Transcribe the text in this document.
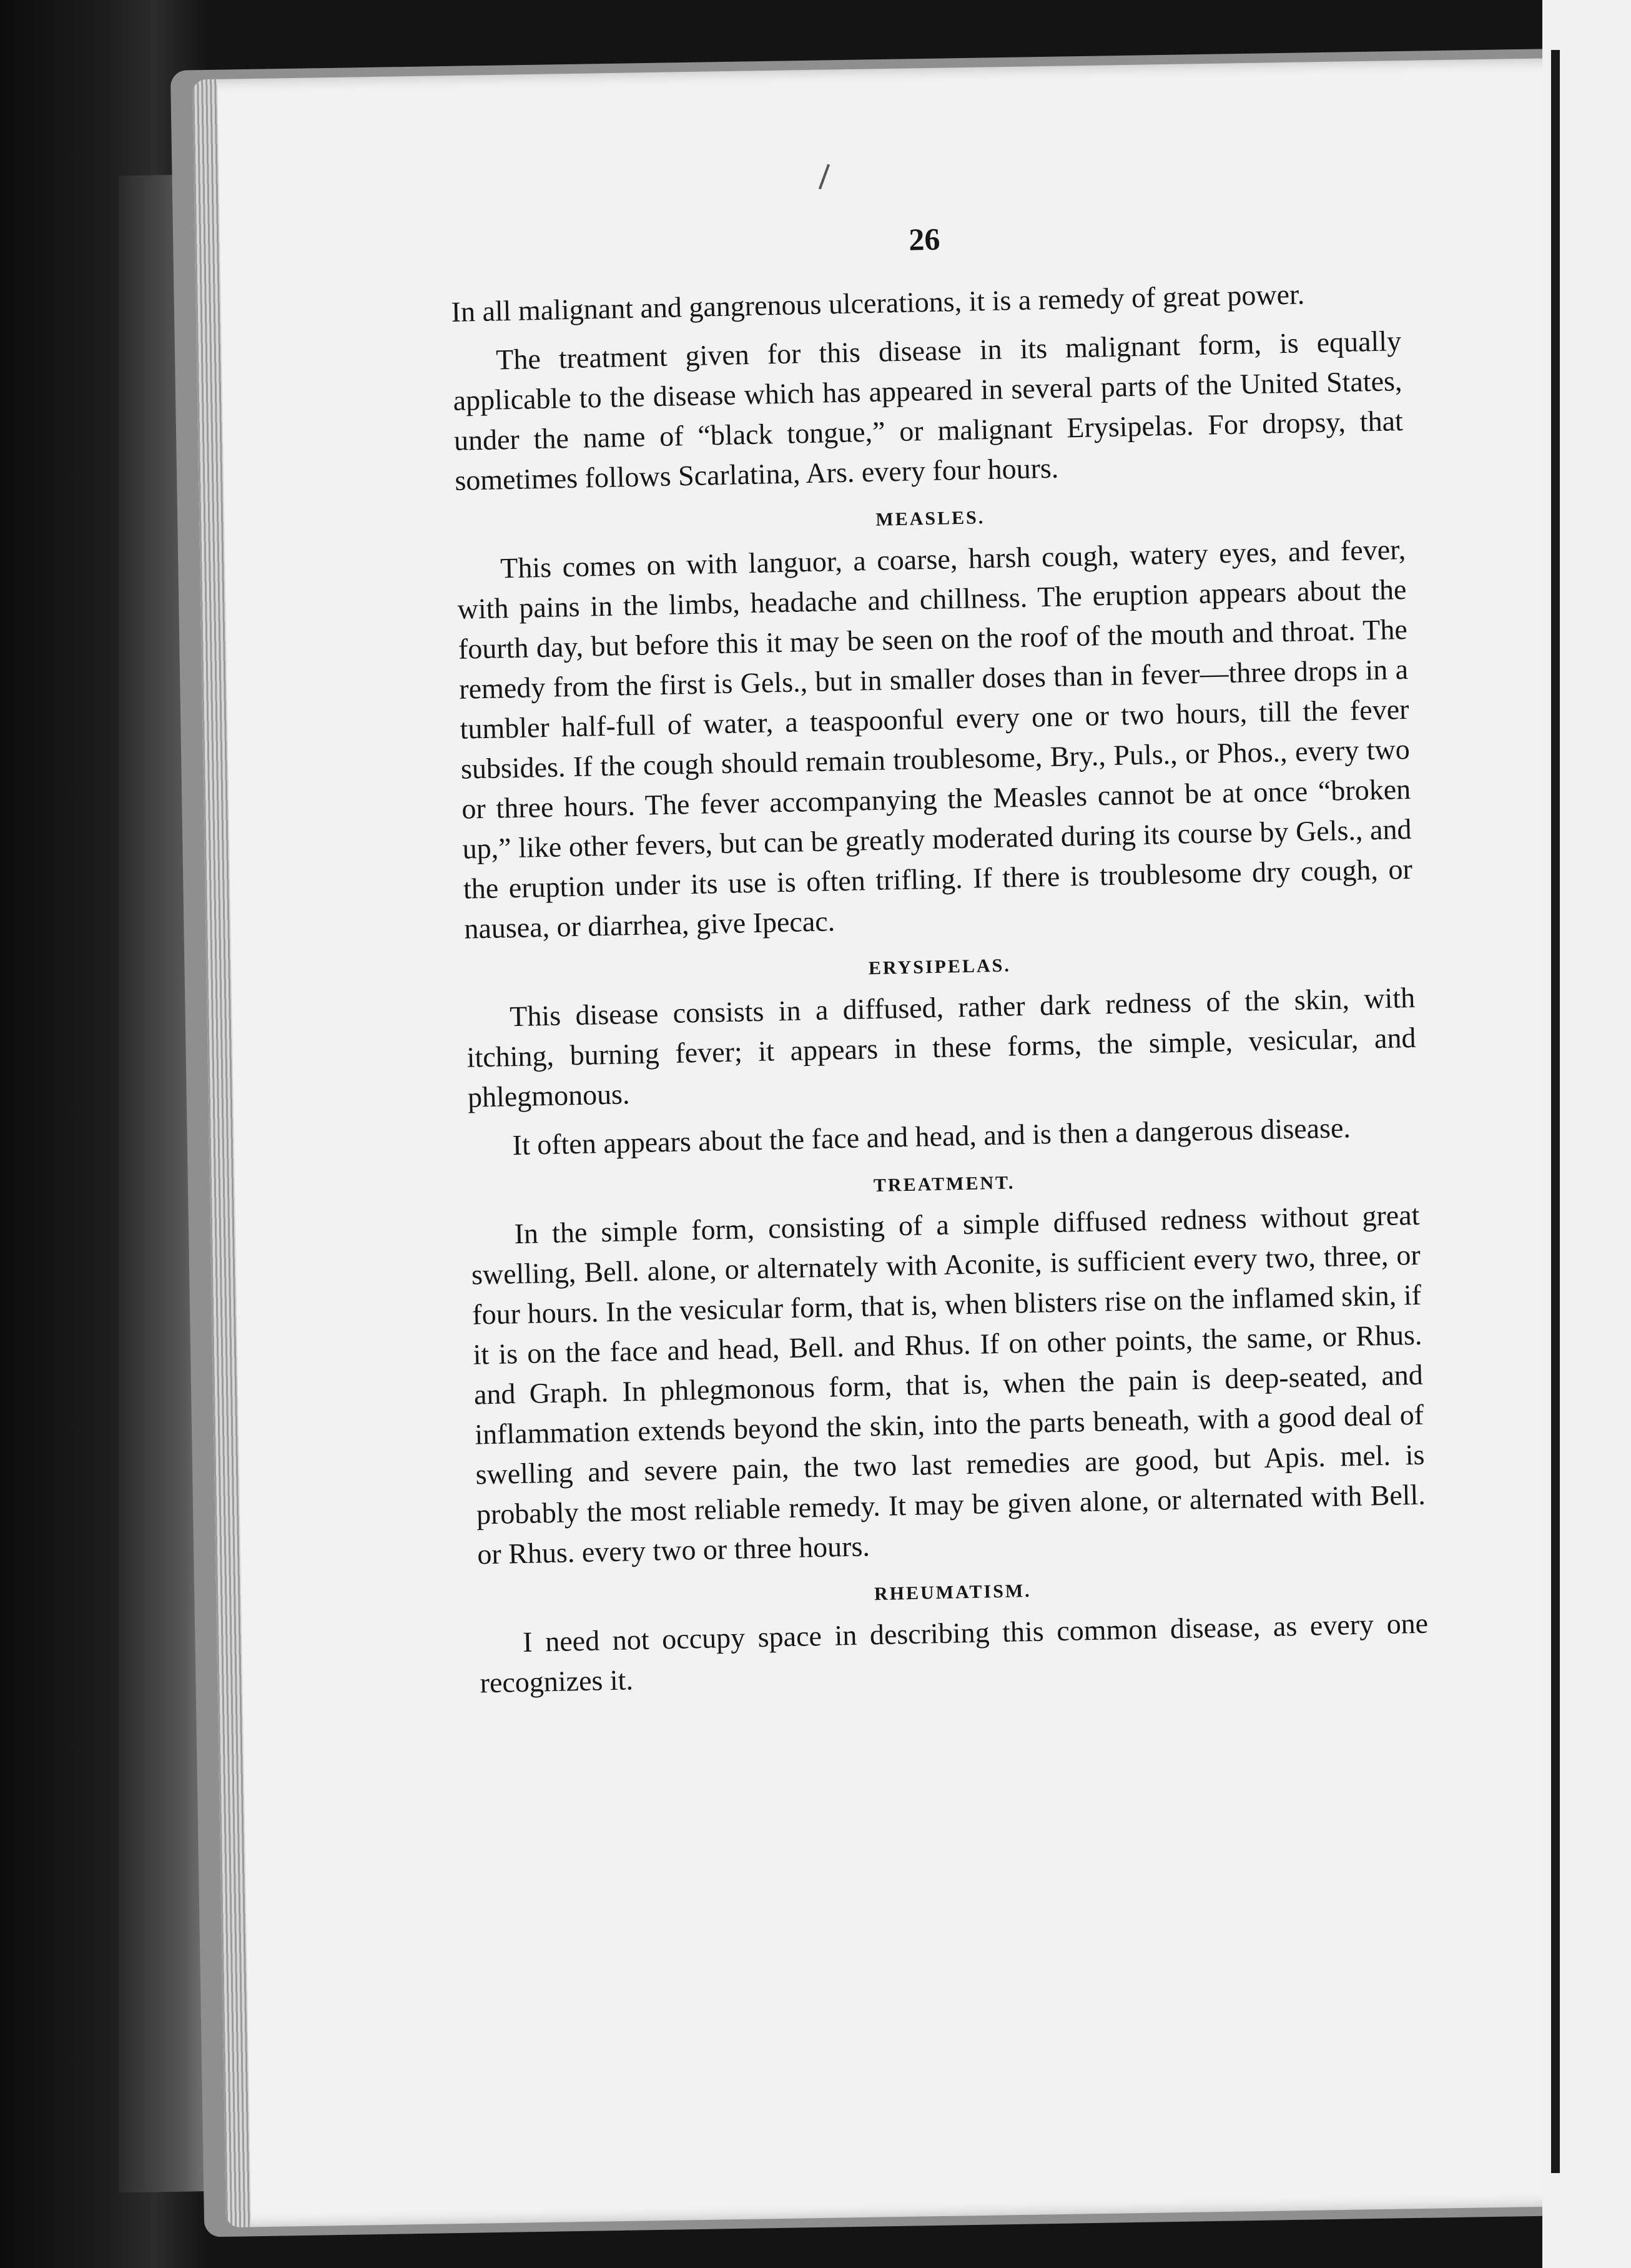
26

In all malignant and gangrenous ulcerations, it is a remedy of great power.

The treatment given for this disease in its malignant form, is equally applicable to the disease which has appeared in several parts of the United States, under the name of “black tongue,” or malignant Erysipelas. For dropsy, that sometimes follows Scarlatina, Ars. every four hours.

MEASLES.

This comes on with languor, a coarse, harsh cough, watery eyes, and fever, with pains in the limbs, headache and chillness. The eruption appears about the fourth day, but before this it may be seen on the roof of the mouth and throat. The remedy from the first is Gels., but in smaller doses than in fever—three drops in a tumbler half-full of water, a teaspoonful every one or two hours, till the fever subsides. If the cough should remain troublesome, Bry., Puls., or Phos., every two or three hours. The fever accompanying the Measles cannot be at once “broken up,” like other fevers, but can be greatly moderated during its course by Gels., and the eruption under its use is often trifling. If there is troublesome dry cough, or nausea, or diarrhea, give Ipecac.

ERYSIPELAS.

This disease consists in a diffused, rather dark redness of the skin, with itching, burning fever; it appears in these forms, the simple, vesicular, and phlegmonous.

It often appears about the face and head, and is then a dangerous disease.

TREATMENT.

In the simple form, consisting of a simple diffused redness without great swelling, Bell. alone, or alternately with Aconite, is sufficient every two, three, or four hours. In the vesicular form, that is, when blisters rise on the inflamed skin, if it is on the face and head, Bell. and Rhus. If on other points, the same, or Rhus. and Graph. In phlegmonous form, that is, when the pain is deep-seated, and inflammation extends beyond the skin, into the parts beneath, with a good deal of swelling and severe pain, the two last remedies are good, but Apis. mel. is probably the most reliable remedy. It may be given alone, or alternated with Bell. or Rhus. every two or three hours.

RHEUMATISM.

I need not occupy space in describing this common disease, as every one recognizes it.
